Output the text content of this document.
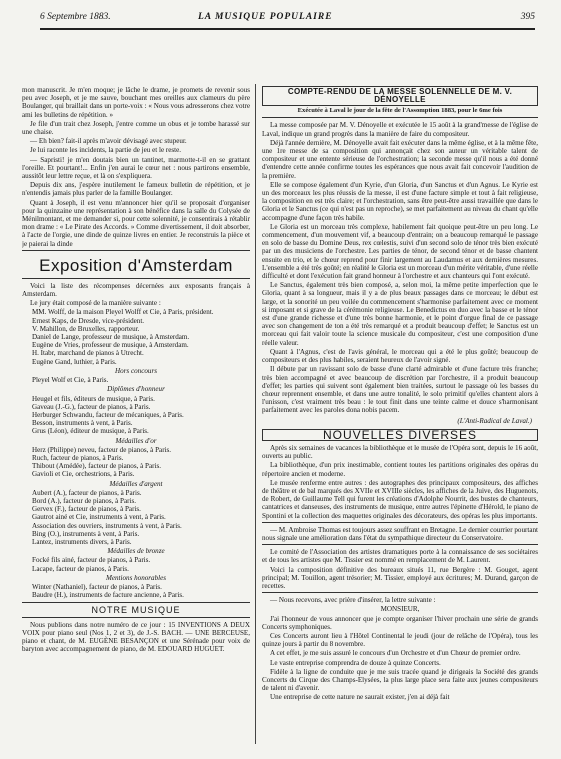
6 Septembre 1883.	LA MUSIQUE POPULAIRE	395

mon manuscrit. Je m'en moque; je lâche le drame, je promets de revenir sous peu avec Joseph, et je me sauve, bouchant mes oreilles aux clameurs du père Boulanger, qui braillait dans un porte-voix : « Nous vous adresserons chez votre ami les bulletins de répétition. »

Je file d'un trait chez Joseph, j'entre comme un obus et je tombe harassé sur une chaise.

— Eh bien? fait-il après m'avoir dévisagé avec stupeur.

Je lui raconte les incidents, la partie de jeu et le reste.

— Sapristi! je m'en doutais bien un tantinet, marmotte-t-il en se grattant l'oreille. Et pourtant!... Enfin j'en aurai le cœur net : nous partirons ensemble, aussitôt leur lettre reçue, et là on s'expliquera.

Depuis dix ans, j'espère inutilement le fameux bulletin de répétition, et je n'entendis jamais plus parler de la famille Boulanger.

Quant à Joseph, il est venu m'annoncer hier qu'il se proposait d'organiser pour la quinzaine une représentation à son bénéfice dans la salle du Colysée de Ménilmontant, et me demander si, pour cette solennité, je consentirais à rétablir mon drame : « Le Pirate des Accords. » Comme divertissement, il doit absorber, à l'acte de l'orgie, une dinde de quinze livres en entier. Je reconstruis la pièce et je paierai la dinde

Exposition d'Amsterdam

Voici la liste des récompenses décernées aux exposants français à Amsterdam.

Le jury était composé de la manière suivante :

MM. Wolff, de la maison Pleyel Wolff et Cie, à Paris, président.

Ernest Kaps, de Dresde, vice-président.

V. Mahillon, de Bruxelles, rapporteur.

Daniel de Lange, professeur de musique, à Amsterdam.

Eugène de Vries, professeur de musique, à Amsterdam.

H. Itabr, marchand de pianos à Utrecht.

Eugène Gand, luthier, à Paris.

Hors concours

Pleyel Wolf et Cie, à Paris.

Diplômes d'honneur

Heugel et fils, éditeurs de musique, à Paris.

Gaveau (J.-G.), facteur de pianos, à Paris.

Herburger Schwandu, facteur de mécaniques, à Paris.

Besson, instruments à vent, à Paris.

Grus (Léon), éditeur de musique, à Paris.

Médailles d'or

Herz (Philippe) neveu, facteur de pianos, à Paris.

Ruch, facteur de pianos, à Paris.

Thibout (Amédée), facteur de pianos, à Paris.

Gavioli et Cie, orchestrions, à Paris.

Médailles d'argent

Aubert (A.), facteur de pianos, à Paris.

Bord (A.), facteur de pianos, à Paris.

Gervex (F.), facteur de pianos, à Paris.

Gautrot ainé et Cie, instruments à vent, à Paris.

Association des ouvriers, instruments à vent, à Paris.

Bing (O.), instruments à vent, à Paris.

Lantez, instruments divers, à Paris.

Médailles de bronze

Focké fils ainé, facteur de pianos, à Paris.

Lacape, facteur de pianos, à Paris.

Mentions honorables

Winter (Nathaniel), facteur de pianos, à Paris.

Baudre (H.), instruments de facture ancienne, à Paris.

NOTRE MUSIQUE

Nous publions dans notre numéro de ce jour : 15 INVENTIONS A DEUX VOIX pour piano seul (Nos 1, 2 et 3), de J.-S. BACH. — UNE BERCEUSE, piano et chant, de M. EUGÈNE BESANÇON et une Sérénade pour voix de baryton avec accompagnement de piano, de M. EDOUARD HUGUET.

COMPTE-RENDU DE LA MESSE SOLENNELLE DE M. V. DÉNOYELLE
Exécutée à Laval le jour de la fête de l'Assomption 1883, pour le 6me fois

La messe composée par M. V. Dénoyelle et exécutée le 15 août à la grand'messe de l'église de Laval, indique un grand progrès dans la manière de faire du compositeur.

Déjà l'année dernière, M. Dénoyelle avait fait exécuter dans la même église, et à la même fête, une 1re messe de sa composition qui annonçait chez son auteur un véritable talent de compositeur et une entente sérieuse de l'orchestration; la seconde messe qu'il nous a été donné d'entendre cette année confirme toutes les espérances que nous avait fait concevoir l'audition de la première.

Elle se compose également d'un Kyrie, d'un Gloria, d'un Sanctus et d'un Agnus. Le Kyrie est un des morceaux les plus réussis de la messe, il est d'une facture simple et tout à fait religieuse, la composition en est très claire; et l'orchestration, sans être peut-être aussi travaillée que dans le Gloria et le Sanctus (ce qui n'est pas un reproche), se met parfaitement au niveau du chant qu'elle accompagne d'une façon très habile.

Le Gloria est un morceau très complexe, habilement fait quoique peut-être un peu long. Le commencement, d'un mouvement vif, a beaucoup d'entrain; on a beaucoup remarqué le passage en solo de basse du Domine Deus, rex cœlestis, suivi d'un second solo de ténor très bien exécuté par un des musiciens de l'orchestre. Les parties de ténor, de second ténor et de basse chantent ensuite en trio, et le chœur reprend pour finir largement au Laudamus et aux dernières mesures. L'ensemble a été très goûté; en réalité le Gloria est un morceau d'un mérite véritable, d'une réelle difficulté et dont l'exécution fait grand honneur à l'orchestre et aux chanteurs qui l'ont exécuté.

Le Sanctus, également très bien composé, a, selon moi, la même petite imperfection que le Gloria, quant à sa longueur, mais il y a de plus beaux passages dans ce morceau; le début est large, et la sonorité un peu voilée du commencement s'harmonise parfaitement avec ce moment si imposant et si grave de la cérémonie religieuse. Le Benedictus en duo avec la basse et le ténor est d'une grande richesse et d'une très bonne harmonie, et le point d'orgue final de ce passage avec son changement de ton a été très remarqué et a produit beaucoup d'effet; le Sanctus est un morceau qui fait valoir toute la science musicale du compositeur, c'est une composition d'une réelle valeur.

Quant à l'Agnus, c'est de l'avis général, le morceau qui a été le plus goûté; beaucoup de compositeurs et des plus habiles, seraient heureux de l'avoir signé.

Il débute par un ravissant solo de basse d'une clarté admirable et d'une facture très franche; très bien accompagné et avec beaucoup de discrétion par l'orchestre, il a produit beaucoup d'effet; les parties qui suivent sont également bien traitées, surtout le passage où les basses du chœur reprennent ensemble, et dans une autre tonalité, le solo primitif qu'elles chantent alors à l'unisson, c'est vraiment très beau : le tout finit dans une teinte calme et douce s'harmonisant parfaitement avec les paroles dona nobis pacem.

(L'Anti-Radical de Laval.)
NOUVELLES DIVERSES

Après six semaines de vacances la bibliothèque et le musée de l'Opéra sont, depuis le 16 août, ouverts au public.

La bibliothèque, d'un prix inestimable, contient toutes les partitions originales des opéras du répertoire ancien et moderne.

Le musée renferme entre autres : des autographes des principaux compositeurs, des affiches de théâtre et de bal marqués des XVIIe et XVIIIe siècles, les affiches de la Juive, des Huguenots, de Robert, de Guillaume Tell qui furent les créations d'Adolphe Nourrit, des bustes de chanteurs, cantatrices et danseuses, des instruments de musique, entre autres l'épinette d'Hérold, le piano de Spontini et la collection des maquettes originales des décorateurs, des opéras les plus importants.

— M. Ambroise Thomas est toujours assez souffrant en Bretagne. Le dernier courrier pourtant nous signale une amélioration dans l'état du sympathique directeur du Conservatoire.

Le comité de l'Association des artistes dramatiques porte à la connaissance de ses sociétaires et de tous les artistes que M. Tissier est nommé en remplacement de M. Laurent.

Voici la composition définitive des bureaux situés 11, rue Bergère : M. Gouget, agent principal; M. Touillon, agent trésorier; M. Tissier, employé aux écritures; M. Durand, garçon de recettes.

— Nous recevons, avec prière d'insérer, la lettre suivante :

MONSIEUR,

J'ai l'honneur de vous annoncer que je compte organiser l'hiver prochain une série de grands Concerts symphoniques.

Ces Concerts auront lieu à l'Hôtel Continental le jeudi (jour de relâche de l'Opéra), tous les quinze jours à partir du 8 novembre.

A cet effet, je me suis assuré le concours d'un Orchestre et d'un Chœur de premier ordre.

Le vaste entreprise comprendra de douze à quinze Concerts.

Fidèle à la ligne de conduite que je me suis tracée quand je dirigeais la Société des grands Concerts du Cirque des Champs-Elysées, la plus large place sera faite aux jeunes compositeurs de talent ni d'avenir.

Une entreprise de cette nature ne saurait exister, j'en ai déjà fait
